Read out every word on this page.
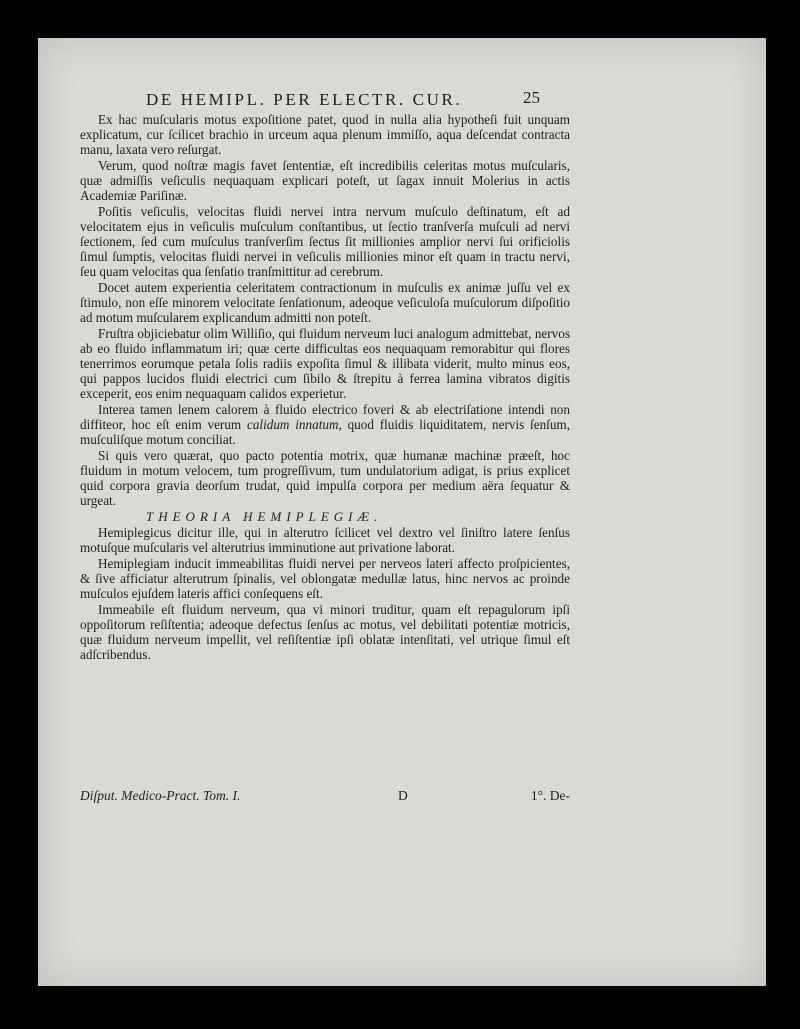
DE HEMIPL. PER ELECTR. CUR.	25

Ex hac muſcularis motus expoſitione patet, quod in nulla alia hypotheſi fuit unquam explicatum, cur ſcilicet brachio in urceum aqua plenum immiſſo, aqua deſcendat contracta manu, laxata vero reſurgat.

Verum, quod noſtræ magis favet ſententiæ, eſt incredibilis celeritas motus muſcularis, quæ admiſſis veſiculis nequaquam explicari poteſt, ut ſagax innuit Molerius in actis Academiæ Pariſinæ.

Poſitis veſiculis, velocitas fluidi nervei intra nervum muſculo deſtinatum, eſt ad velocitatem ejus in veſiculis muſculum conſtantibus, ut ſectio tranſverſa muſculi ad nervi ſectionem, ſed cum muſculus tranſverſim ſectus ſit millionies amplior nervi ſui orificiolis ſimul ſumptis, velocitas fluidi nervei in veſiculis millionies minor eſt quam in tractu nervi, ſeu quam velocitas qua ſenſatio tranſmittitur ad cerebrum.

Docet autem experientia celeritatem contractionum in muſculis ex animæ juſſu vel ex ſtimulo, non eſſe minorem velocitate ſenſationum, adeoque veſiculoſa muſculorum diſpoſitio ad motum muſcularem explicandum admitti non poteſt.

Fruſtra objiciebatur olim Williſio, qui fluidum nerveum luci analogum admittebat, nervos ab eo fluido inflammatum iri; quæ certe difficultas eos nequaquam remorabitur qui flores tenerrimos eorumque petala ſolis radiis expoſita ſimul & illibata viderit, multo minus eos, qui pappos lucidos fluidi electrici cum ſibilo & ſtrepitu à ferrea lamina vibratos digitis exceperit, eos enim nequaquam calidos experietur.

Interea tamen lenem calorem à fluido electrico foveri & ab electriſatione intendi non diffiteor, hoc eſt enim verum calidum innatum, quod fluidis liquiditatem, nervis ſenſum, muſculiſque motum conciliat.

Si quis vero quærat, quo pacto potentia motrix, quæ humanæ machinæ præeſt, hoc fluidum in motum velocem, tum progreſſivum, tum undulatorium adigat, is prius explicet quid corpora gravia deorſum trudat, quid impulſa corpora per medium aëra ſequatur & urgeat.

THEORIA HEMIPLEGIÆ.

Hemiplegicus dicitur ille, qui in alterutro ſcilicet vel dextro vel ſiniſtro latere ſenſus motuſque muſcularis vel alterutrius imminutione aut privatione laborat.

Hemiplegiam inducit immeabilitas fluidi nervei per nerveos lateri affecto proſpicientes, & ſive afficiatur alterutrum ſpinalis, vel oblongatæ medullæ latus, hinc nervos ac proinde muſculos ejuſdem lateris affici conſequens eſt.

Immeabile eſt fluidum nerveum, qua vi minori truditur, quam eſt repagulorum ipſi oppoſitorum reſiſtentia; adeoque defectus ſenſus ac motus, vel debilitati potentiæ motricis, quæ fluidum nerveum impellit, vel reſiſtentiæ ipſi oblatæ intenſitati, vel utrique ſimul eſt adſcribendus.

Diſput. Medico-Pract. Tom. I.	D	1°. De-
